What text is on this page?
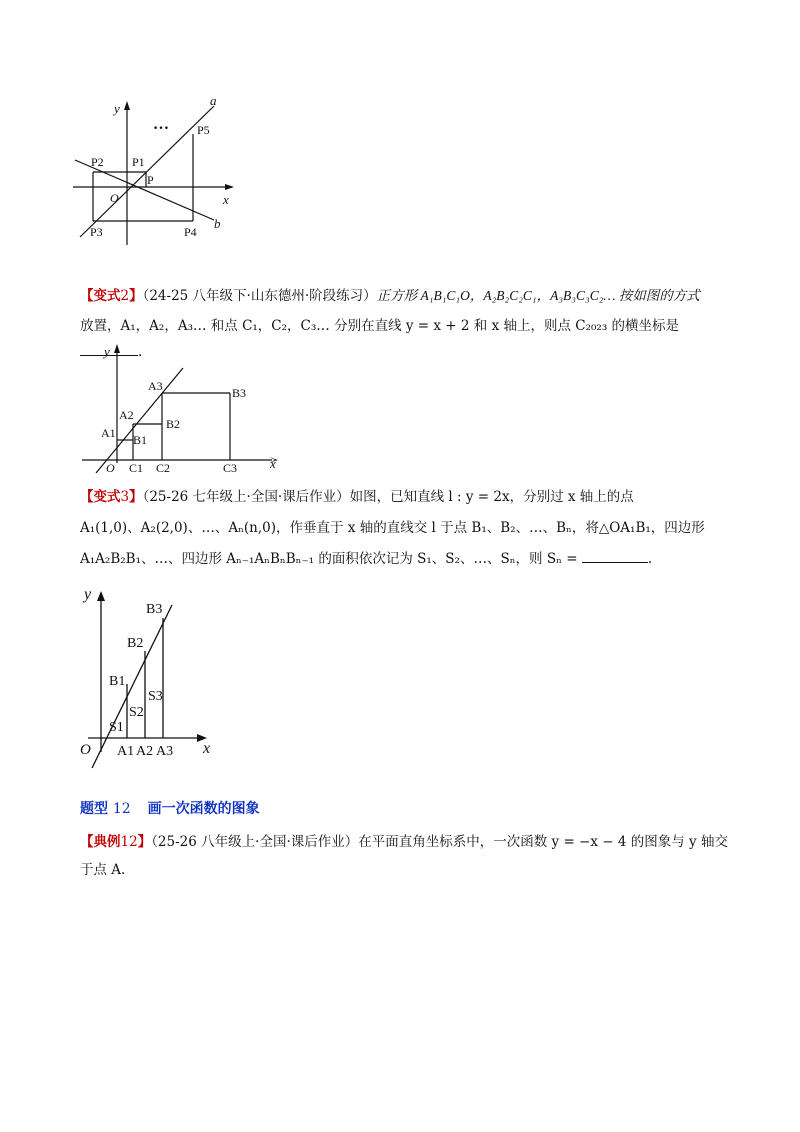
y
a
… P5
P2 P1
P
O	x
P3	P4
b
y
A3	B3
A2
B2
A1 B1
O C1 C2	C3	x
y
B3
B2
B1
S3
S2
S1
O A1 A2 A3 x
【变式2】（24-25 八年级下·山东德州·阶段练习）正方形 A₁B₁C₁O，A₂B₂C₂C₁，A₃B₃C₃C₂… 按如图的方式
放置，A₁，A₂，A₃… 和点 C₁，C₂，C₃… 分别在直线 y = x + 2 和 x 轴上，则点 C₂₀₂₃ 的横坐标是.
【变式3】（25-26 七年级上·全国·课后作业）如图，已知直线 l : y = 2x，分别过 x 轴上的点
A₁(1,0)、A₂(2,0)、…、Aₙ(n,0)，作垂直于 x 轴的直线交 l 于点 B₁、B₂、…、Bₙ，将△OA₁B₁，四边形
A₁A₂B₂B₁、…、四边形 Aₙ₋₁AₙBₙBₙ₋₁ 的面积依次记为 S₁、S₂、…、Sₙ，则 Sₙ =	.
题型 12 画一次函数的图象
【典例12】（25-26 八年级上·全国·课后作业）在平面直角坐标系中，一次函数 y = −x − 4 的图象与 y 轴交
于点 A.
